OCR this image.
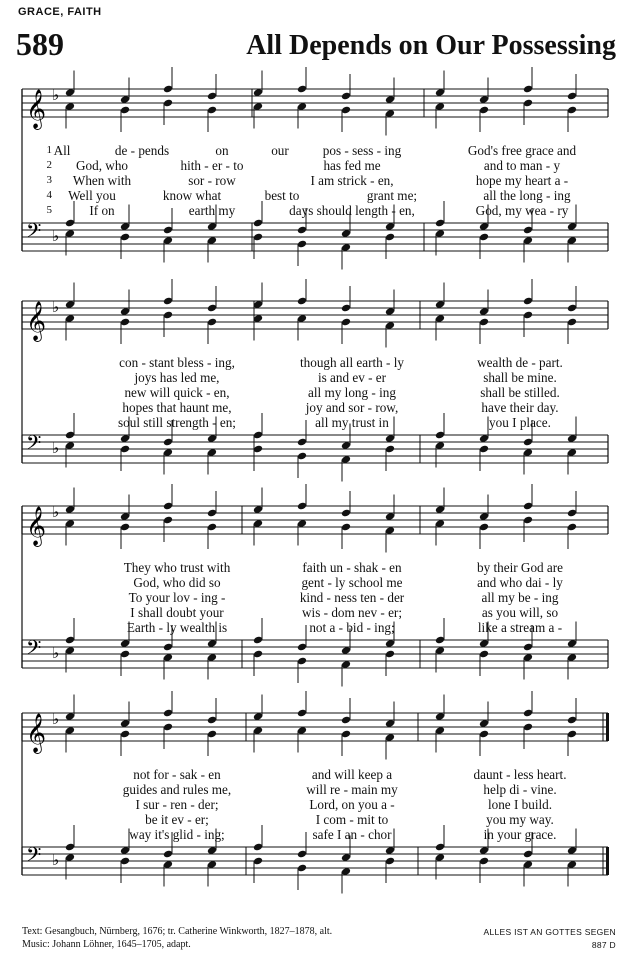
GRACE, FAITH
589	All Depends on Our Possessing
𝄞 ♭
𝄢 ♭
𝄞 ♭
𝄢 ♭
𝄞 ♭
𝄢 ♭
𝄞 ♭
𝄢 ♭
Text: Gesangbuch, Nürnberg, 1676; tr. Catherine Winkworth, 1827–1878, alt.
Music: Johann Löhner, 1645–1705, adapt.
ALLES IST AN GOTTES SEGEN
887 D
1 All	de - pends	on	our	pos - sess - ing	God's free grace and
2 God, who	hith - er - to	has fed me	and to man - y
3 When with	sor - row	I am strick - en,	hope my heart a -
4 Well you	know what	best to	grant me;	all the long - ing
5	If on	earth my	days should length - en,	God, my wea - ry
con - stant bless - ing,	though all earth - ly	wealth de - part.
joys has led me,	is and ev - er	shall be mine.
new will quick - en,	all my long - ing	shall be stilled.
hopes that haunt me,	joy and sor - row,	have their day.
soul still strength - en;	all my trust in	you I place.
They who trust with	faith un - shak - en	by their God are
God, who did so	gent - ly school me	and who dai - ly
To your lov - ing -	kind - ness ten - der	all my be - ing
I shall doubt your	wis - dom nev - er;	as you will, so
Earth - ly wealth is	not a - bid - ing;	like a stream a -
not for - sak - en	and will keep a	daunt - less heart.
guides and rules me,	will re - main my	help di - vine.
I sur - ren - der;	Lord, on you a -	lone I build.
be it ev - er;	I com - mit to	you my way.
way it's glid - ing;	safe I an - chor	in your grace.
